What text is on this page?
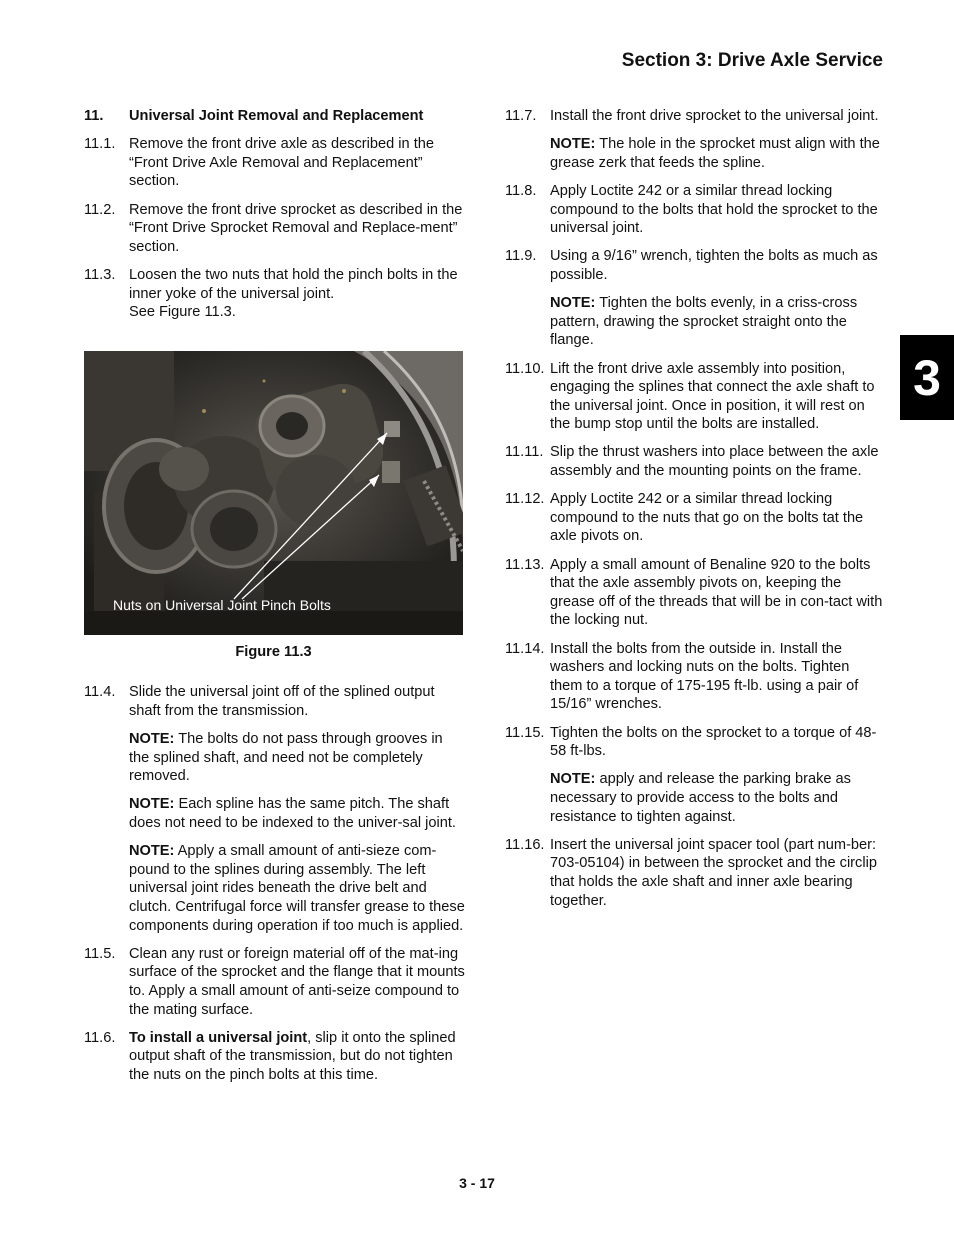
Section 3: Drive Axle Service
3
11.	Universal Joint Removal and Replacement
11.1. Remove the front drive axle as described in the “Front Drive Axle Removal and Replacement” section.
11.2. Remove the front drive sprocket as described in the “Front Drive Sprocket Removal and Replace-ment” section.
11.3. Loosen the two nuts that hold the pinch bolts in the inner yoke of the universal joint.
See Figure 11.3.
Nuts on Universal Joint Pinch Bolts
Figure 11.3
11.4. Slide the universal joint off of the splined output shaft from the transmission.
NOTE: The bolts do not pass through grooves in the splined shaft, and need not be completely removed.
NOTE: Each spline has the same pitch. The shaft does not need to be indexed to the univer-sal joint.
NOTE: Apply a small amount of anti-sieze com-pound to the splines during assembly. The left universal joint rides beneath the drive belt and clutch. Centrifugal force will transfer grease to these components during operation if too much is applied.
11.5. Clean any rust or foreign material off of the mat-ing surface of the sprocket and the flange that it mounts to. Apply a small amount of anti-seize compound to the mating surface.
11.6. To install a universal joint, slip it onto the splined output shaft of the transmission, but do not tighten the nuts on the pinch bolts at this time.
11.7. Install the front drive sprocket to the universal joint.
NOTE: The hole in the sprocket must align with the grease zerk that feeds the spline.
11.8. Apply Loctite 242 or a similar thread locking compound to the bolts that hold the sprocket to the universal joint.
11.9. Using a 9/16” wrench, tighten the bolts as much as possible.
NOTE: Tighten the bolts evenly, in a criss-cross pattern, drawing the sprocket straight onto the flange.
11.10. Lift the front drive axle assembly into position, engaging the splines that connect the axle shaft to the universal joint. Once in position, it will rest on the bump stop until the bolts are installed.
11.11. Slip the thrust washers into place between the axle assembly and the mounting points on the frame.
11.12. Apply Loctite 242 or a similar thread locking compound to the nuts that go on the bolts tat the axle pivots on.
11.13. Apply a small amount of Benaline 920 to the bolts that the axle assembly pivots on, keeping the grease off of the threads that will be in con-tact with the locking nut.
11.14. Install the bolts from the outside in. Install the washers and locking nuts on the bolts. Tighten them to a torque of 175-195 ft-lb. using a pair of 15/16” wrenches.
11.15. Tighten the bolts on the sprocket to a torque of 48-58 ft-lbs.
NOTE: apply and release the parking brake as necessary to provide access to the bolts and resistance to tighten against.
11.16. Insert the universal joint spacer tool (part num-ber: 703-05104) in between the sprocket and the circlip that holds the axle shaft and inner axle bearing together.
3 - 17
